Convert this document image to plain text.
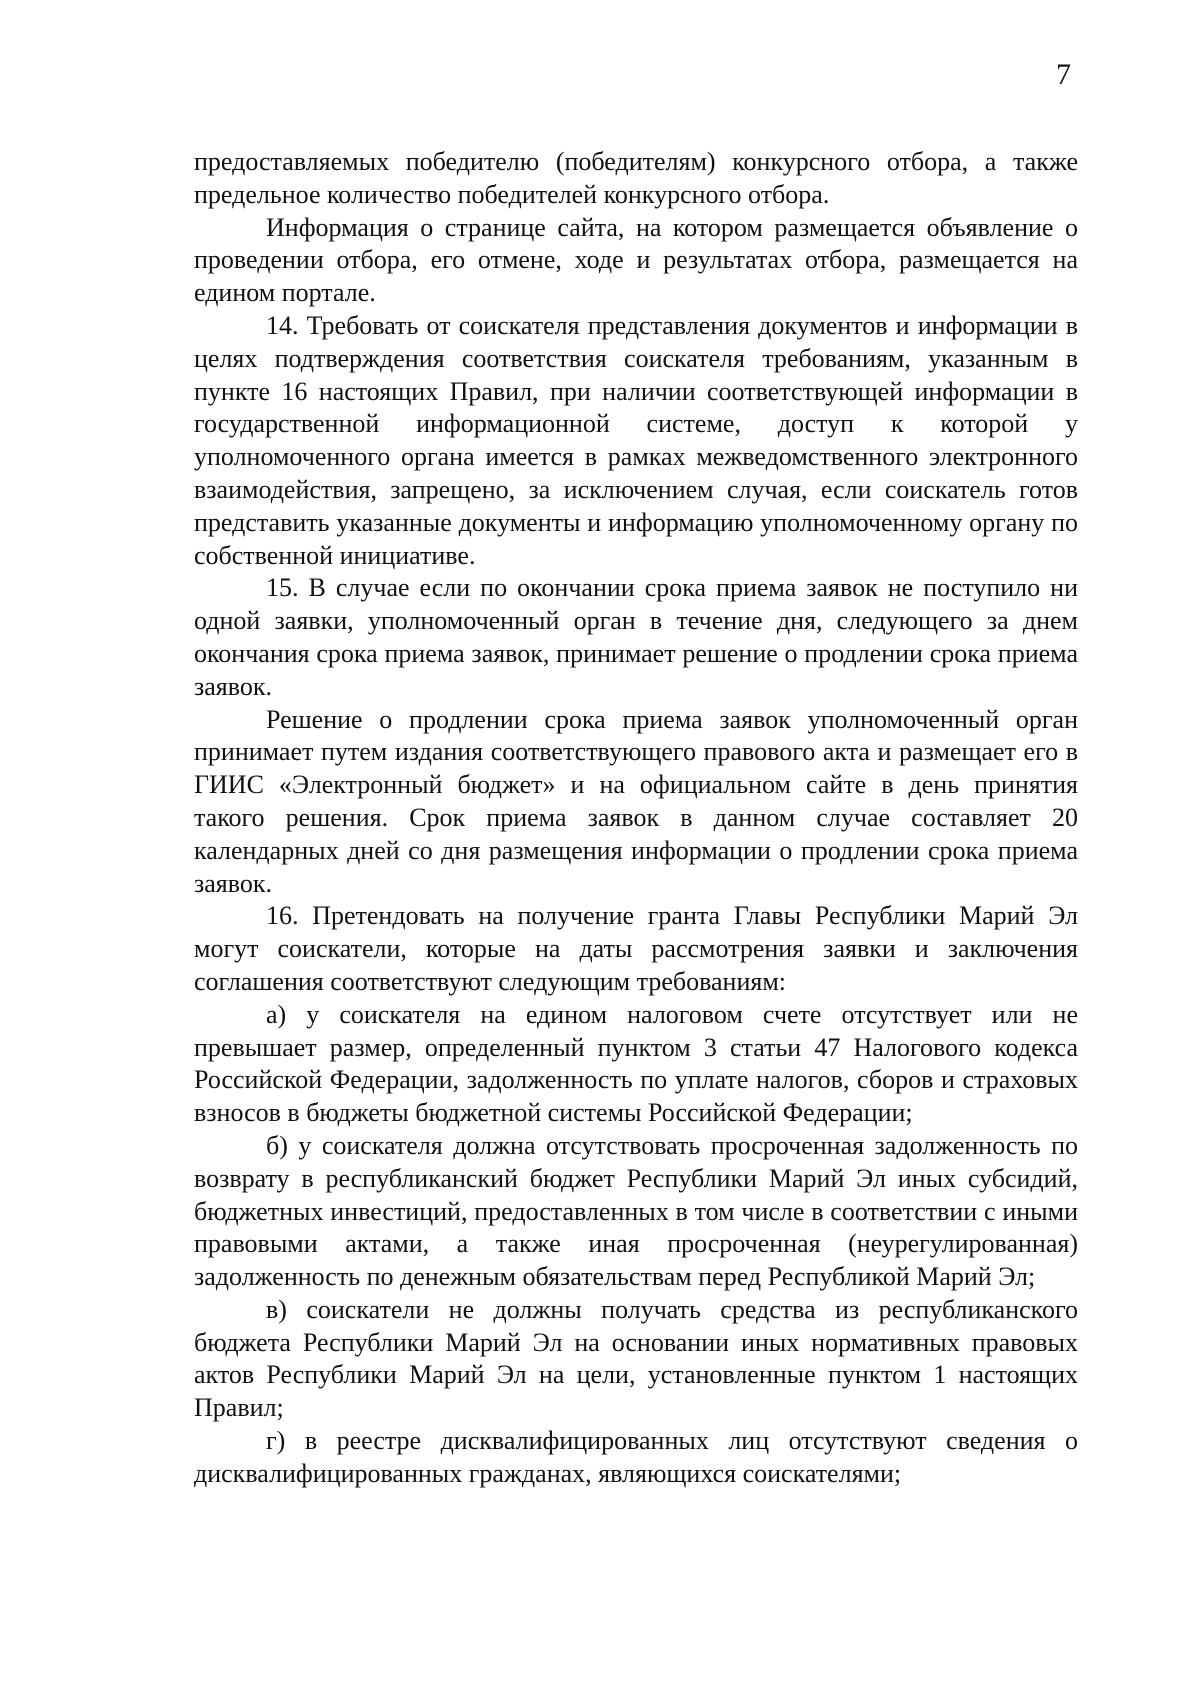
7

предоставляемых победителю (победителям) конкурсного отбора, а также предельное количество победителей конкурсного отбора.

Информация о странице сайта, на котором размещается объявление о проведении отбора, его отмене, ходе и результатах отбора, размещается на едином портале.

14. Требовать от соискателя представления документов и информации в целях подтверждения соответствия соискателя требованиям, указанным в пункте 16 настоящих Правил, при наличии соответствующей информации в государственной информационной системе, доступ к которой у уполномоченного органа имеется в рамках межведомственного электронного взаимодействия, запрещено, за исключением случая, если соискатель готов представить указанные документы и информацию уполномоченному органу по собственной инициативе.

15. В случае если по окончании срока приема заявок не поступило ни одной заявки, уполномоченный орган в течение дня, следующего за днем окончания срока приема заявок, принимает решение о продлении срока приема заявок.

Решение о продлении срока приема заявок уполномоченный орган принимает путем издания соответствующего правового акта и размещает его в ГИИС «Электронный бюджет» и на официальном сайте в день принятия такого решения. Срок приема заявок в данном случае составляет 20 календарных дней со дня размещения информации о продлении срока приема заявок.

16. Претендовать на получение гранта Главы Республики Марий Эл могут соискатели, которые на даты рассмотрения заявки и заключения соглашения соответствуют следующим требованиям:

а) у соискателя на едином налоговом счете отсутствует или не превышает размер, определенный пунктом 3 статьи 47 Налогового кодекса Российской Федерации, задолженность по уплате налогов, сборов и страховых взносов в бюджеты бюджетной системы Российской Федерации;

б) у соискателя должна отсутствовать просроченная задолженность по возврату в республиканский бюджет Республики Марий Эл иных субсидий, бюджетных инвестиций, предоставленных в том числе в соответствии с иными правовыми актами, а также иная просроченная (неурегулированная) задолженность по денежным обязательствам перед Республикой Марий Эл;

в) соискатели не должны получать средства из республиканского бюджета Республики Марий Эл на основании иных нормативных правовых актов Республики Марий Эл на цели, установленные пунктом 1 настоящих Правил;

г) в реестре дисквалифицированных лиц отсутствуют сведения о дисквалифицированных гражданах, являющихся соискателями;
